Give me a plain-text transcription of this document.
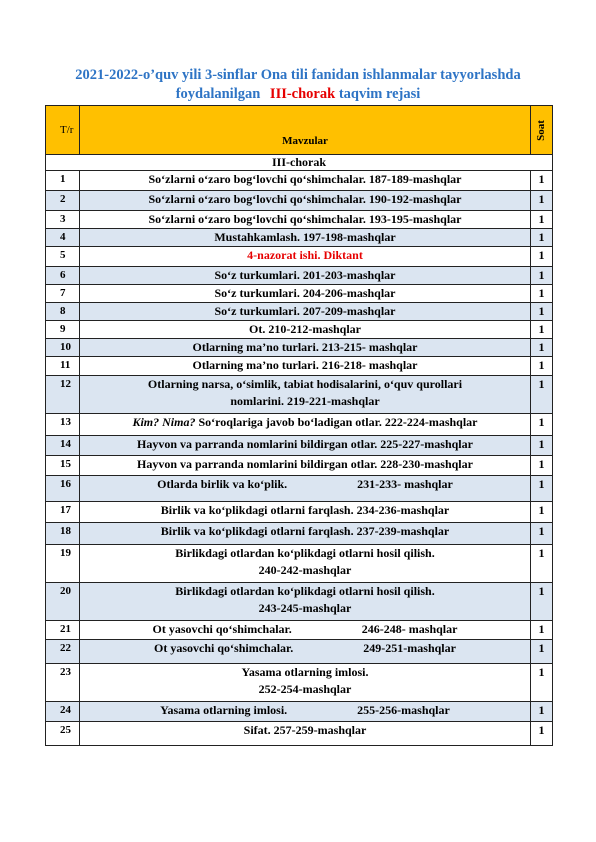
2021-2022-o’quv yili 3-sinflar Ona tili fanidan ishlanmalar tayyorlashda
foydalanilgan III-chorak taqvim rejasi
T/r	Mavzular	Soat
III-chorak		
1	So‘zlarni o‘zaro bog‘lovchi qo‘shimchalar. 187-189-mashqlar	1
2	So‘zlarni o‘zaro bog‘lovchi qo‘shimchalar. 190-192-mashqlar	1
3	So‘zlarni o‘zaro bog‘lovchi qo‘shimchalar. 193-195-mashqlar	1
4	Mustahkamlash. 197-198-mashqlar	1
5	4-nazorat ishi. Diktant	1
6	So‘z turkumlari. 201-203-mashqlar	1
7	So‘z turkumlari. 204-206-mashqlar	1
8	So‘z turkumlari. 207-209-mashqlar	1
9	Ot. 210-212-mashqlar	1
10	Otlarning ma’no turlari. 213-215- mashqlar	1
11	Otlarning ma’no turlari. 216-218- mashqlar	1
12	Otlarning narsa, o‘simlik, tabiat hodisalarini, o‘quv qurollari
nomlarini. 219-221-mashqlar	1
13	Kim? Nima? So‘roqlariga javob bo‘ladigan otlar. 222-224-mashqlar	1
14	Hayvon va parranda nomlarini bildirgan otlar. 225-227-mashqlar	1
15	Hayvon va parranda nomlarini bildirgan otlar. 228-230-mashqlar	1
16	Otlarda birlik va ko‘plik. 231-233- mashqlar	1
17	Birlik va ko‘plikdagi otlarni farqlash. 234-236-mashqlar	1
18	Birlik va ko‘plikdagi otlarni farqlash. 237-239-mashqlar	1
19	Birlikdagi otlardan ko‘plikdagi otlarni hosil qilish.
240-242-mashqlar	1
20	Birlikdagi otlardan ko‘plikdagi otlarni hosil qilish.
243-245-mashqlar	1
21	Ot yasovchi qo‘shimchalar. 246-248- mashqlar	1
22	Ot yasovchi qo‘shimchalar. 249-251-mashqlar	1
23	Yasama otlarning imlosi.
252-254-mashqlar	1
24	Yasama otlarning imlosi. 255-256-mashqlar	1
25	Sifat. 257-259-mashqlar	1
